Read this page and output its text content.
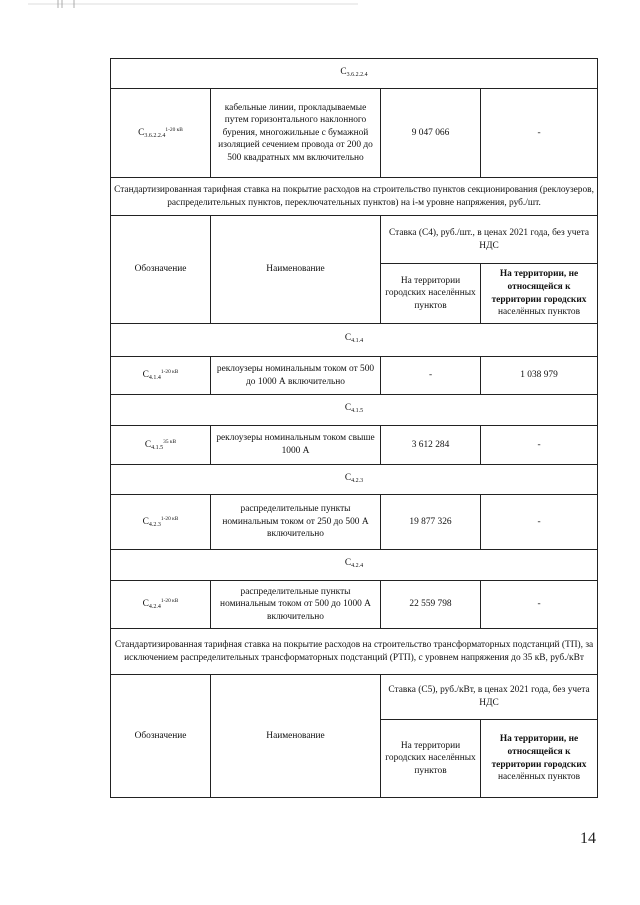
$C_{3.6.2.2.4}$
$C_{3.6.2.2.4}^{1-20 кВ}$	кабельные линии, прокладываемые путем горизонтального наклонного бурения, многожильные с бумажной изоляцией сечением провода от 200 до 500 квадратных мм включительно	9 047 066	-
Стандартизированная тарифная ставка на покрытие расходов на строительство пунктов секционирования (реклоузеров, распределительных пунктов, переключательных пунктов) на i-м уровне напряжения, руб./шт.			
Обозначение	Наименование	Ставка (С4), руб./шт., в ценах 2021 года, без учета НДС	
		На территории городских населённых пунктов	На территории, не относящейся к территории городских
населённых пунктов
$C_{4.1.4}$
$C_{4.1.4}^{1-20 кВ}$	реклоузеры номинальным током от 500 до 1000 А включительно	-	1 038 979
$C_{4.1.5}$
$C_{4.1.5}^{35 кВ}$	реклоузеры номинальным током свыше 1000 А	3 612 284	-
$C_{4.2.3}$
$C_{4.2.3}^{1-20 кВ}$	распределительные пункты номинальным током от 250 до 500 А включительно	19 877 326	-
$C_{4.2.4}$
$C_{4.2.4}^{1-20 кВ}$	распределительные пункты номинальным током от 500 до 1000 А включительно	22 559 798	-
Стандартизированная тарифная ставка на покрытие расходов на строительство трансформаторных подстанций (ТП), за исключением распределительных трансформаторных подстанций (РТП), с уровнем напряжения до 35 кВ, руб./кВт			
Обозначение	Наименование	Ставка (С5), руб./кВт, в ценах 2021 года, без учета НДС	
		На территории городских населённых пунктов	На территории, не относящейся к территории городских
населённых пунктов
14
